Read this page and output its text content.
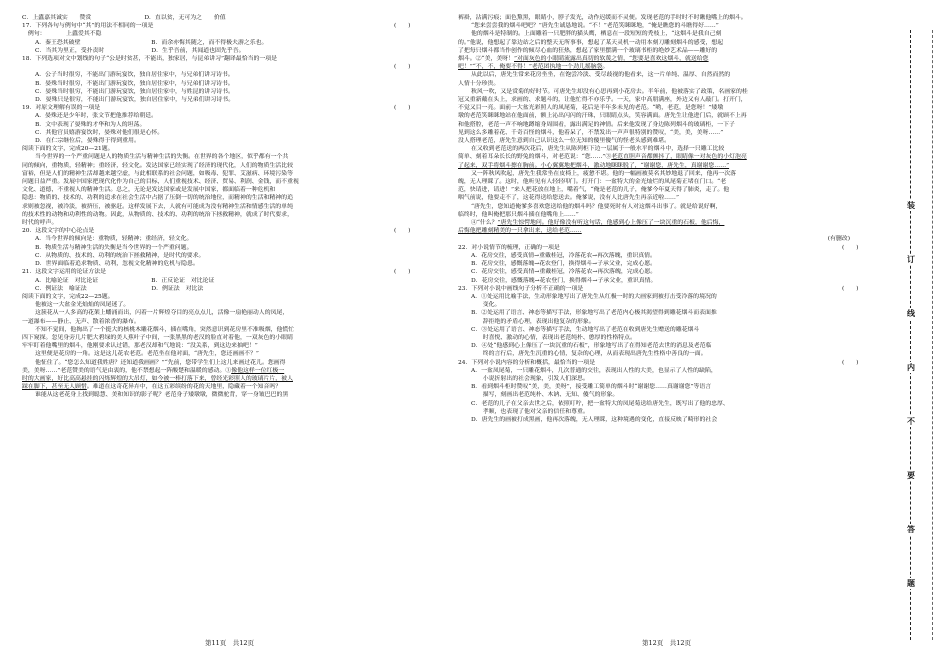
C．上蠹嘉其诚实　　赞赏　　　　　　　　　D．直以贫，无可为之　　价值
17．下列各句与例句中“其”的用法不相同的一项是	(　　)
　例句：　　　　上蠹爱其不隐
A．秦王恐其破壁　　　　　　　　　　　　B．而余亦悔其随之，而不得极夫游之乐也。
C．当其为里正，受扑责时　　　　　　　　D．生乎吾前，其闻道也固先乎吾。
18．下列选项对文中划线的句子“公是时贫甚，不能出，独家居，与昆弟讲习”翻译最恰当的一项是
(　　)
A．公子当时很穷，不能出门游玩宴饮，独自居住家中，与兄弟们讲习诗书。
B．晏殊当时很穷，不能出门游玩宴饮，独自居住家中，与兄弟们讲习诗书。
C．晏殊当时很穷，不能出门游玩宴饮，独自居住家中，与姓昆的讲习诗书。
D．晏殊只是很穷，不能出门游玩宴饮，独自居住家中，与兄弟们讲习诗书。
19．对原文理解有误的一项是	(　　)
A．晏殊还是少年时，张文节把他推荐给朝廷。
B．文中表现了晏殊的才华和为人的坦荡。
C．其他官员嬉游宴饮时，晏殊对他们很是心怀。
D．在仁宗继位后，晏殊得于得到重用。
阅读下面的文字，完成20—21题。
当今世界的一个严重问题是人的物质生活与精神生活的失衡。在世界的各个地区，似乎都有一个共
同的倾向，重物质，轻精神；重经济，轻文化。发达国家已经实现了经济的现代化，人们的物质生活比较
富裕，但是人们的精神生活却越来越空虚，与此相联系的社会问题，如吸毒、犯罪、艾滋病、环境污染等
问题日益严重。发展中国家把现代化作为自己的目标，人们重视技术、经济、贸易、利润、金钱，而不重视
文化、道德，不重视人的精神生活。总之，无论是发达国家或是发展中国家，都面临着一种危机和
隐患：物质的、技术的、功利的追求在社会生活中占据了压倒一切的统治地位，而精神的生活和精神的追
求则被忽视，被冷淡，被挤压，被驱赶。这样发展下去，人就有可能成为没有精神生活和情感生活的单纯
的技术性的动物和功利性的动物。因此，从物质的、技术的、功利的统治下拯救精神，就成了时代要求，
时代的呼声。
20．这段文字的中心论点是	(　　)
A．当今世界的倾向是：重物质，轻精神；重经济，轻文化。
B．物质生活与精神生活的失衡是当今世界的一个严重问题。
C．从物质的、技术的、功利的统治下拯救精神，是时代的要求。
D．世界面临着追求物质、功利，忽视文化精神的危机与隐患。
21．这段文字运用的论证方法是	(　　)
A．比喻论证　对比论证　　　　　　　　　B．正反论证　对比论证
C．例证法　喻证法　　　　　　　　　　　D．例证法　对比法
阅读下面的文字，完成22—25题。
他被这一大盆金光灿灿的凤尾迷了。
这簇花从一人多高的花架上蟠涌而出，闪着一片辉煌夺目的亮点点儿，活像一扇艳丽动人的凤尾，
一道瀑布——静止、无声、散着浓香的瀑布。
不知不觉间，他掏出了一个挺大的核桃木雕花烟斗，插在嘴角，突然意识到花房里不准吸烟，他慌忙
四下窥探。忽见身旁几片肥大碧绿的美人蕉叶子中间，一张黑黑的老汉的脸直对着他，一双灰色的小眼睛
牢牢盯着他嘴里的烟斗，他刚要求认过错，那老汉却和气地说：“没关系，到这边来抽吧！”
这里便是花房的一角。这是这儿花农老范。老范坐在他对面，“唐先生，您还画画不？”
他怔住了。“您怎么知道我姓唐？还知道我画画？”“先前，您带学生们上这儿来画过花儿。您画得
美，美呀……”老范赞美的语气是由衷的，他不禁想起一阵酸楚和温暖的感动。①像他这样一位红极一
时的大画家，好比高高悬挂的闪烁辉煌的大吊灯，如今被一棒打落下来，曾经光彩照人的玻璃片片，被人
踩在脚下，甚至无人顾惜。难道在这奇花异卉中，在这五彩缤纷的花的天地里，隐藏着一个知音吗？
谁能从这老花身上找到聪慧、美和知识的影子呢？老范身子矮墩墩，微微驼背，穿一身皱巴巴的黑
裤褂，沾满污痕；面色黧黑，眼睛小，脖子发光，动作迟缓而不灵便。发现老范的手时时不时瞅他嘴上的烟斗。
“您来尝尝我的烟斗吧吧？”唐先生诚恳地说。“不！”老范笑眯眯地，“俺是瞧您的斗瞧得好……”
他的烟斗是特制的。上面雕着一只肥胖的猫头鹰，栖息在一段短短的秃枝上，“这烟斗是我自己刻
的。”他说，他想起了靠边站之后的整天无所事事，想起了某天灵机一动用本刻刀雕刻烟斗的感受，想起
了把每只烟斗都当作创作的倾尽心血的狂热，想起了家里摆满一个玻璃书柜的绝妙艺术品——雕好的
烟斗。②“美，美呀！”对面灰色的小眼睛流露出真切的软蔑之情，“您要是喜欢这烟斗，就送给您
吧！”“不，不，俺要不得！”老范团执地一个劲儿摇脑袋。
从此以后，唐先生常来花房坐坐，在饱尝冷淡、受尽歧视的他看来，这一片单纯、温厚、自然而然的
人情十分珍贵。
秋风一吹，又是赏菊的好时节。可唐先生却没有心思再到小花房去。半年前，他被落实了政策，名画家的桂
冠又重新戴在头上，求画的、求题斗的，让他忙得不亦乐乎。一天，家中高朋满座，外边又有人敲门。打开门，
不觉又目一亮。面前一大盆光彩照人的凤尾菊，花后是半年多未见的老范。“哟，老范，是您呀！”矮墩
墩的老范笑眯眯地站在他面前，额上沁出闪闪的汗珠，只眼睛点头，笑容满面。唐先生让他进门后，就顾不上再
和他搭腔，老范一声不响地蹲缩身周围看，露出满足的神情。后来他发现了身边陈列烟斗的玻璃柜，一下子
见到这么多雕着花、千奇百怪的烟斗，他着呆了，不禁发出一声声很特别的赞叹，“美，美，美呀……”
没人搭理老范，唐先生意到自己认识这么一位无知的傻里傻气的怪老头感到难堪。
在又收到老范送的两次花后，唐先生从陈列柜下边一层属于一般水平的烟斗中，选择一只雕工比较
简单、刻着耳朵长长的野兔的烟斗，对老范说：“您……”③老范直胆声音都颤抖了，眼睛像一对灰色的小灯泡亮
了起来，双手将烟斗擦在胸前。小心翼翼地把烟斗，激动地眯眯脱了，“谢谢您，唐先生，真谢谢您……”
又一阵秋风吹起，唐先生我常坐在皮椅上，疲惫不堪。他的一幅画被莫名其妙地退了回来，他再一次落
魄，无人理睬了。这时，他听见有人轻轻叩门。打开门：一盆特大的金光灿烂的凤尾菊正堵在门口。“老
范，快请进，请进！”来人把花放在地上，嘴着气，“俺是老范的儿子，俺爹今年夏天得了肺炎，走了。他
咽气前说，他要走不了，这花得送给您送去。俺爹说，没有人比唐先生再亲近啦……”
“唐先生，您知道俺爹多喜欢您送给他的烟斗吗？他要死时有人对这烟斗出事了。就是给说好啊，
临终时，他叫俺把那只烟斗插在他嘴角上……”
④“什么？”唐先生惊愕地问。他好像没有听这句话，他感到心上像压了一块沉重的石板，他后悔，
后悔他把雕刻精美的一只拿出来，送给老范……
(有删改)
22．对小说情节的梳理，正确的一项是	(　　)
A．花房交往，感受真情→重戴桂冠，冷落花农→再次落魄，重识真情。
B．花房交往，感慨落魄→花农登门，换得烟斗→子承父业，完成心愿。
C．花房交往，感受真情→重戴桂冠，冷落花农→再次落魄，完成心愿。
D．花房交往，感慨落魄→花农登门，换得烟斗→子承父业，重识真情。
23．下列对小说中画线句子分析不正确的一项是	(　　)
A．①处运用比喻手法，生动形象地写出了唐先生从红极一时的大画家到被打击受冷落的境况的
　　变化。
B．②处运用了语言、神态等描写手法，形象地写出了老范内心极其渴望得到雕花烟斗而表面推
　　辞拒绝的矛盾心理，表现出他复杂的形象。
C．③处运用了语言、神态等描写手法，生动地写出了老范在收到唐先生赠送的雕花烟斗
　　时喜悦、激动的心情，表现出老范纯朴、憨厚的性格特点。
D．④处“他感到心上像压了一块沉重的石板”，形象地写出了在得知老范去世的消息及老范临
　　终的言行后，唐先生沉重的心情，复杂的心理，从而表现出唐先生性格中善良的一面。
24．下列对小说内容的分析和概括，最恰当的一项是	(　　)
A．一盆凤尾菊，一只雕花烟斗，几次普通的交往，表现出人性的大美，也显示了人性的缺陷，
　　小说折射出的社会现象，引发人们深思。
B．看到烟斗柜时赞叹“美，美，美呀”，接受雕工简单的烟斗时“谢谢您……真谢谢您”等语言
　　描写，刻画出老范纯朴、木讷、无知、傻气的形象。
C．老范的儿子在父亲去世之后，依照叮咛，把一盆特大的凤尾菊送给唐先生，既写出了他的忠厚、
　　孝顺，也表现了他对父亲的信任和尊重。
D．唐先生的画被打成黑画，他再次落魄，无人理睬，这种境遇的变化，直接反映了畸形的社会
第11页　共12页	第12页　共12页
装
订
线
内
不
要
答
题
